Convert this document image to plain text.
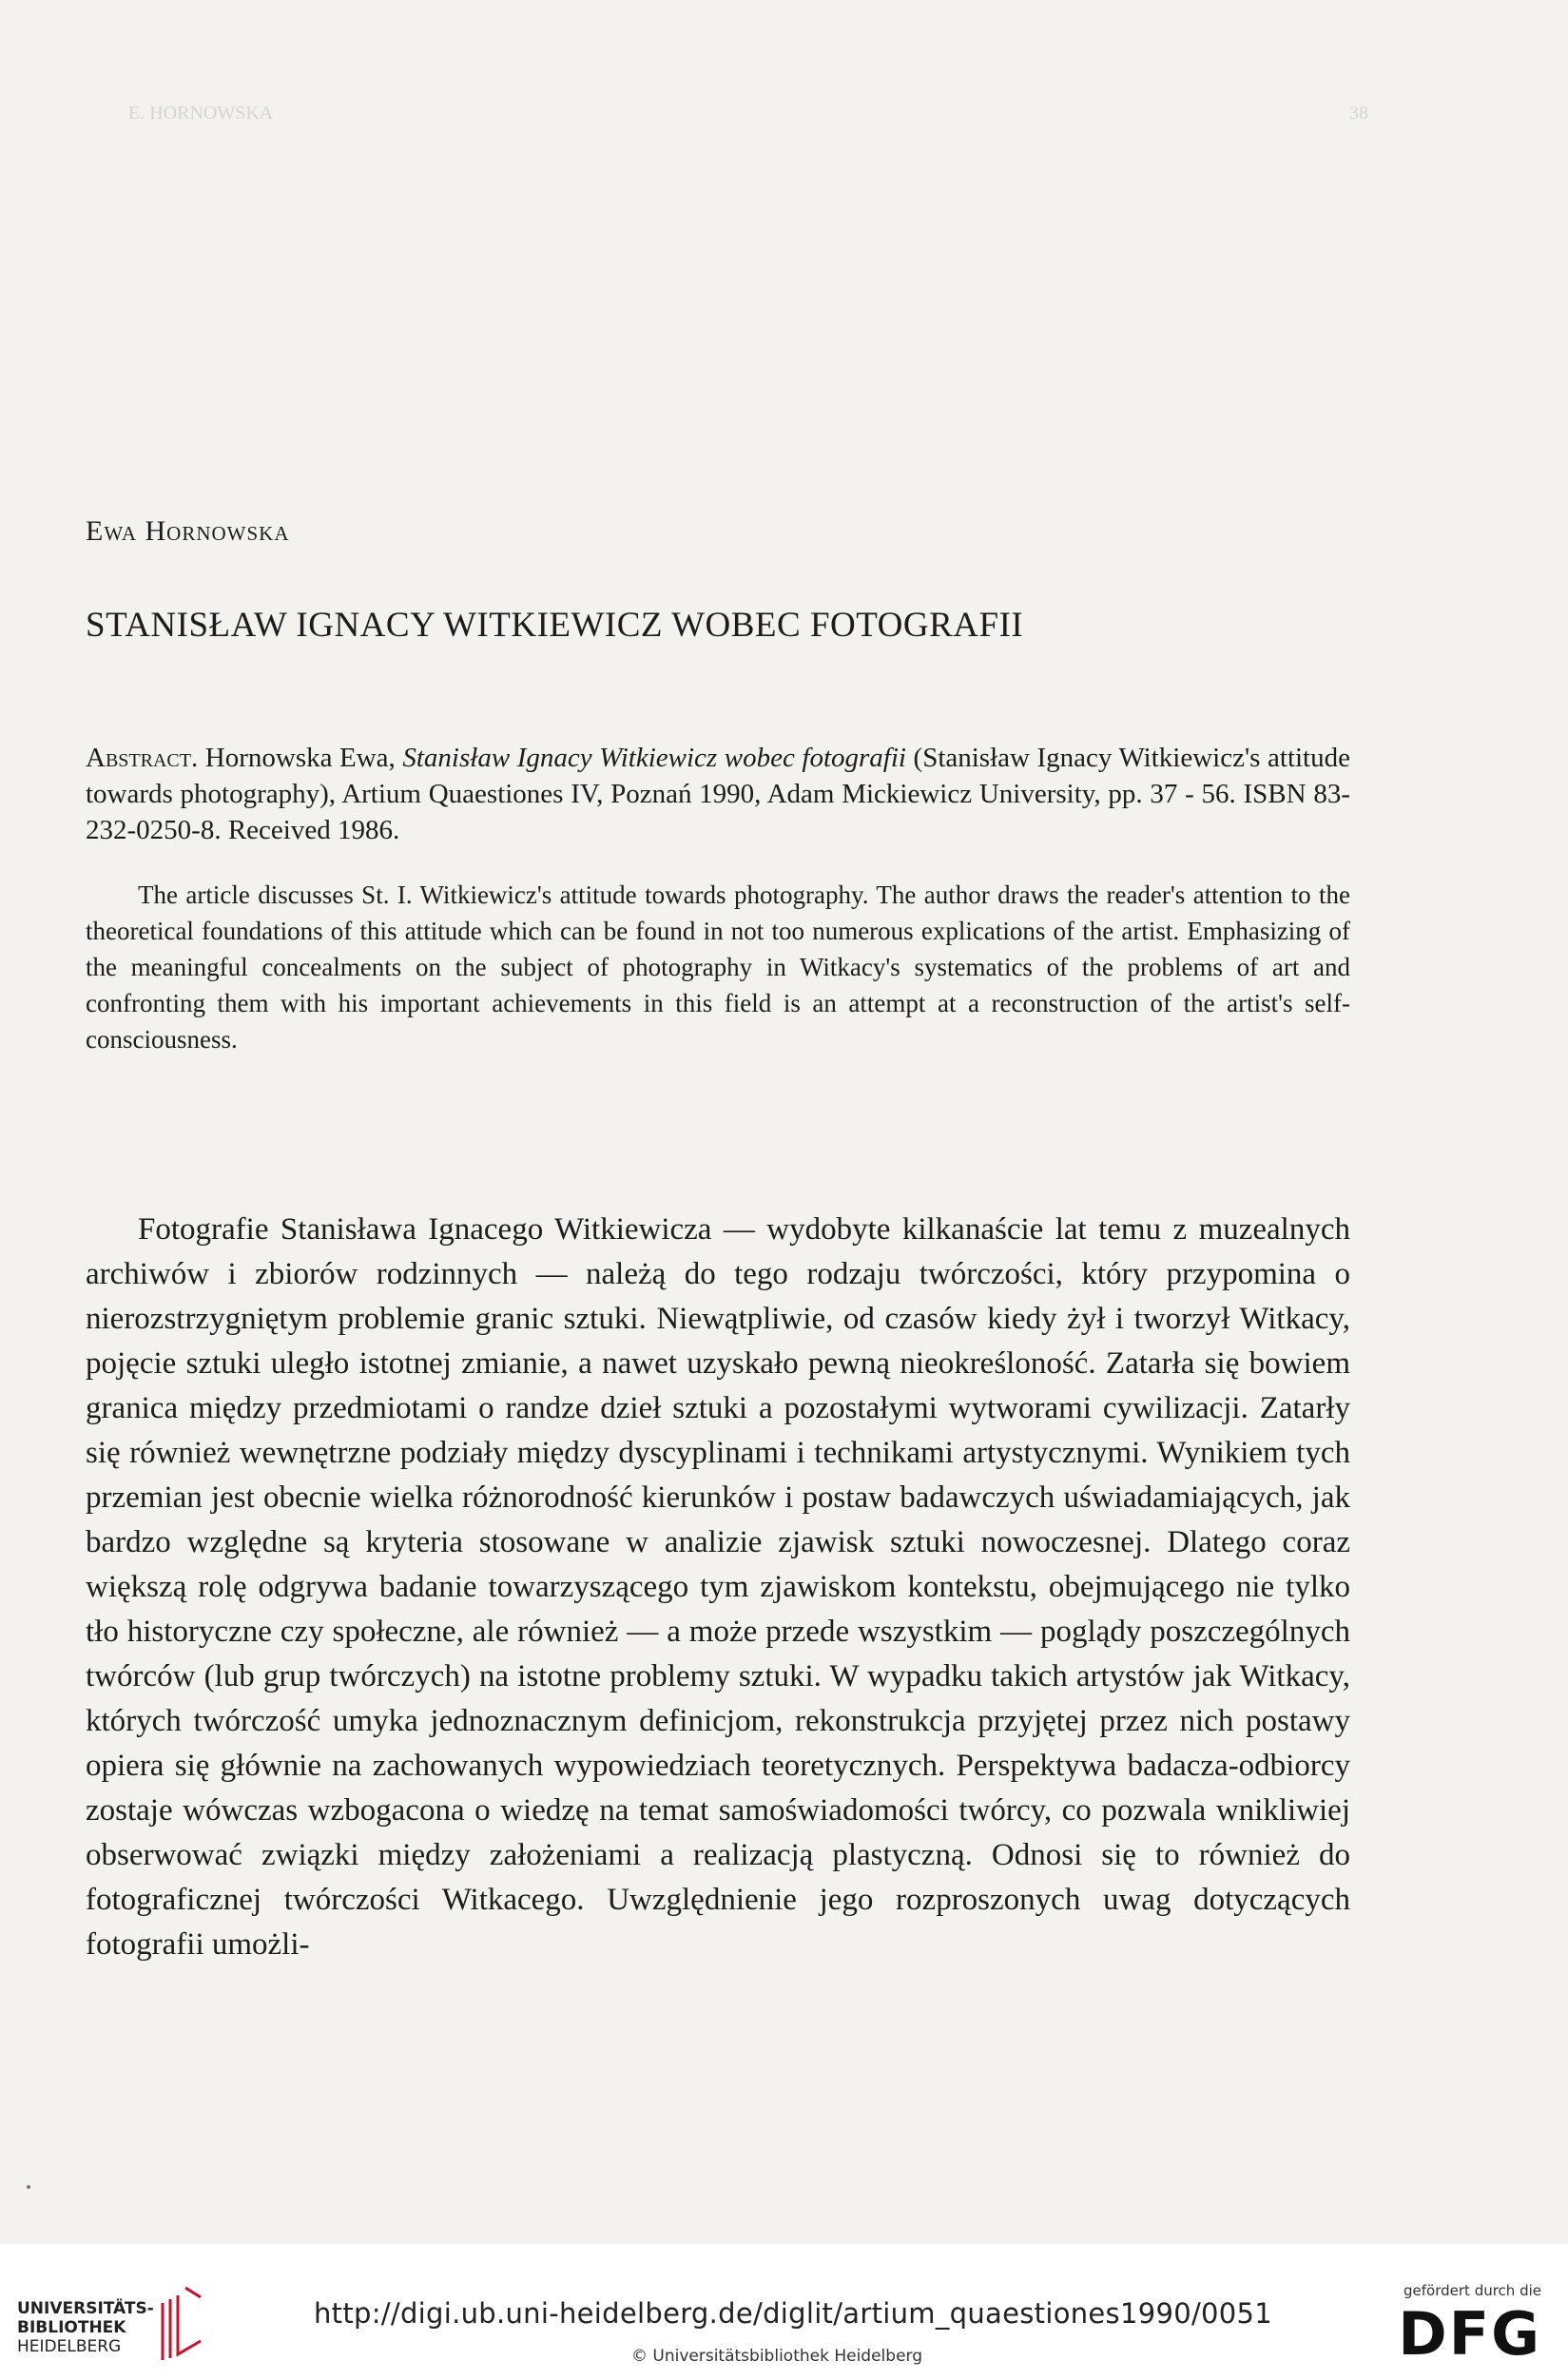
E. HORNOWSKA	38
Ewa Hornowska
STANISŁAW IGNACY WITKIEWICZ WOBEC FOTOGRAFII
Abstract. Hornowska Ewa, Stanisław Ignacy Witkiewicz wobec fotografii (Stanisław Ignacy Witkiewicz's attitude towards photography), Artium Quaestiones IV, Poznań 1990, Adam Mickiewicz University, pp. 37 - 56. ISBN 83-232-0250-8. Received 1986.
The article discusses St. I. Witkiewicz's attitude towards photography. The author draws the reader's attention to the theoretical foundations of this attitude which can be found in not too numerous explications of the artist. Emphasizing of the meaningful concealments on the subject of photography in Witkacy's systematics of the problems of art and confronting them with his important achievements in this field is an attempt at a reconstruction of the artist's self-consciousness.
Fotografie Stanisława Ignacego Witkiewicza — wydobyte kilkanaście lat temu z muzealnych archiwów i zbiorów rodzinnych — należą do tego rodzaju twórczości, który przypomina o nierozstrzygniętym problemie granic sztuki. Niewątpliwie, od czasów kiedy żył i tworzył Witkacy, pojęcie sztuki uległo istotnej zmianie, a nawet uzyskało pewną nieokreśloność. Zatarła się bowiem granica między przedmiotami o randze dzieł sztuki a pozostałymi wytworami cywilizacji. Zatarły się również wewnętrzne podziały między dyscyplinami i technikami artystycznymi. Wynikiem tych przemian jest obecnie wielka różnorodność kierunków i postaw badawczych uświadamiających, jak bardzo względne są kryteria stosowane w analizie zjawisk sztuki nowoczesnej. Dlatego coraz większą rolę odgrywa badanie towarzyszącego tym zjawiskom kontekstu, obejmującego nie tylko tło historyczne czy społeczne, ale również — a może przede wszystkim — poglądy poszczególnych twórców (lub grup twórczych) na istotne problemy sztuki. W wypadku takich artystów jak Witkacy, których twórczość umyka jednoznacznym definicjom, rekonstrukcja przyjętej przez nich postawy opiera się głównie na zachowanych wypowiedziach teoretycznych. Perspektywa badacza-odbiorcy zostaje wówczas wzbogacona o wiedzę na temat samoświadomości twórcy, co pozwala wnikliwiej obserwować związki między założeniami a realizacją plastyczną. Odnosi się to również do fotograficznej twórczości Witkacego. Uwzględnienie jego rozproszonych uwag dotyczących fotografii umożli-
UNIVERSITÄTS-
BIBLIOTHEK
HEIDELBERG
http://digi.ub.uni-heidelberg.de/diglit/artium_quaestiones1990/0051
© Universitätsbibliothek Heidelberg
gefördert durch die
DFG
